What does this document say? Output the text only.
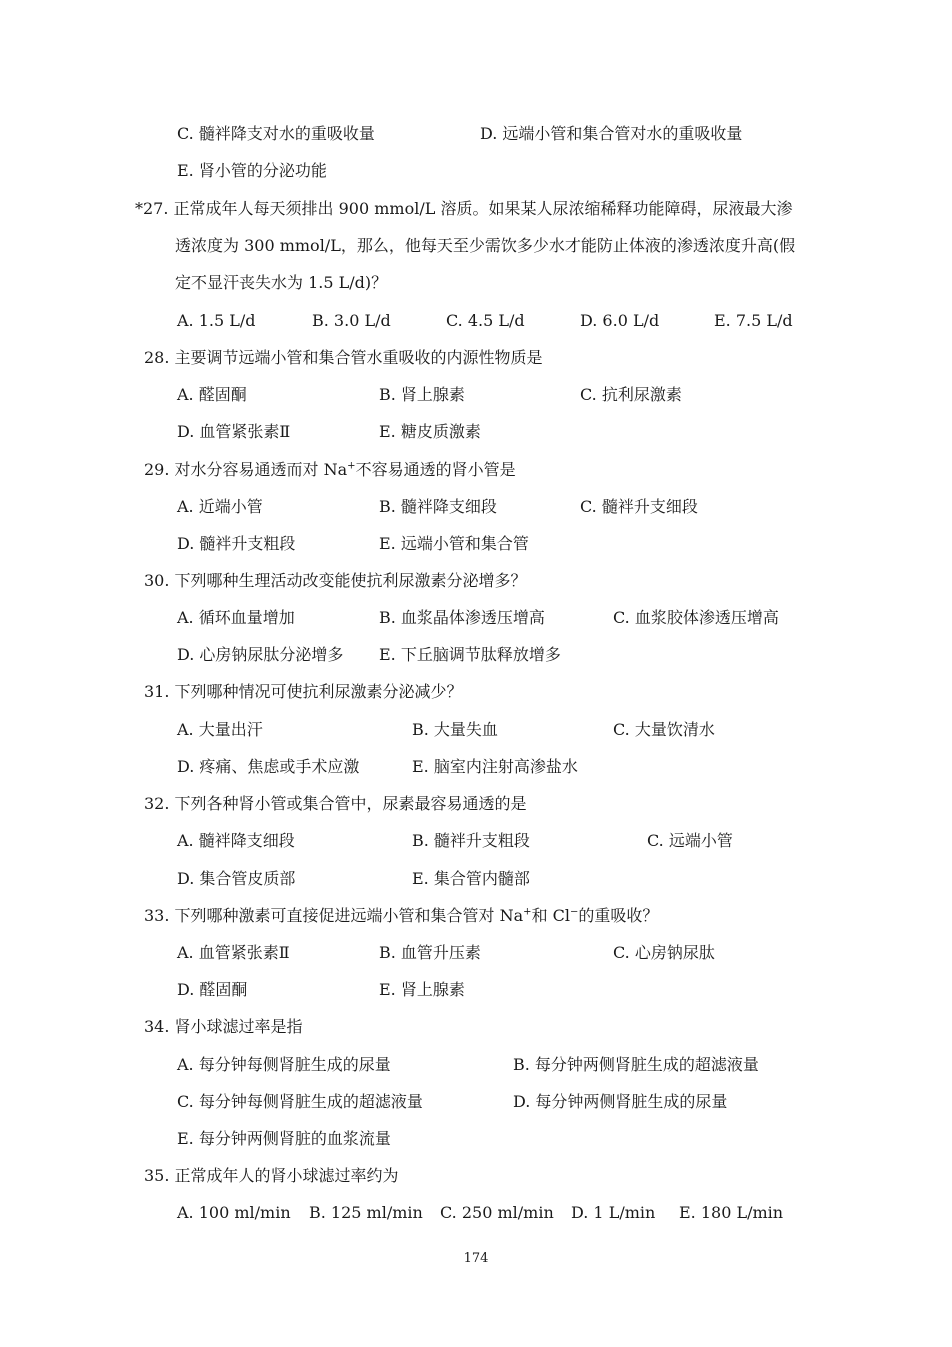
C. 髓袢降支对水的重吸收量	D. 远端小管和集合管对水的重吸收量
E. 肾小管的分泌功能
*27. 正常成年人每天须排出 900 mmol/L 溶质。如果某人尿浓缩稀释功能障碍，尿液最大渗
透浓度为 300 mmol/L，那么，他每天至少需饮多少水才能防止体液的渗透浓度升高(假
定不显汗丧失水为 1.5 L/d)？
A. 1.5 L/d	B. 3.0 L/d	C. 4.5 L/d	D. 6.0 L/d	E. 7.5 L/d
28. 主要调节远端小管和集合管水重吸收的内源性物质是
A. 醛固酮	B. 肾上腺素	C. 抗利尿激素
D. 血管紧张素Ⅱ	E. 糖皮质激素
29. 对水分容易通透而对 Na+不容易通透的肾小管是
A. 近端小管	B. 髓袢降支细段	C. 髓袢升支细段
D. 髓袢升支粗段	E. 远端小管和集合管
30. 下列哪种生理活动改变能使抗利尿激素分泌增多？
A. 循环血量增加	B. 血浆晶体渗透压增高	C. 血浆胶体渗透压增高
D. 心房钠尿肽分泌增多 E. 下丘脑调节肽释放增多
31. 下列哪种情况可使抗利尿激素分泌减少？
A. 大量出汗	B. 大量失血	C. 大量饮清水
D. 疼痛、焦虑或手术应激	E. 脑室内注射高渗盐水
32. 下列各种肾小管或集合管中，尿素最容易通透的是
A. 髓袢降支细段	B. 髓袢升支粗段	C. 远端小管
D. 集合管皮质部	E. 集合管内髓部
33. 下列哪种激素可直接促进远端小管和集合管对 Na+和 Cl−的重吸收？
A. 血管紧张素Ⅱ	B. 血管升压素	C. 心房钠尿肽
D. 醛固酮	E. 肾上腺素
34. 肾小球滤过率是指
A. 每分钟每侧肾脏生成的尿量	B. 每分钟两侧肾脏生成的超滤液量
C. 每分钟每侧肾脏生成的超滤液量	D. 每分钟两侧肾脏生成的尿量
E. 每分钟两侧肾脏的血浆流量
35. 正常成年人的肾小球滤过率约为
A. 100 ml/min B. 125 ml/min C. 250 ml/min D. 1 L/min E. 180 L/min
174
